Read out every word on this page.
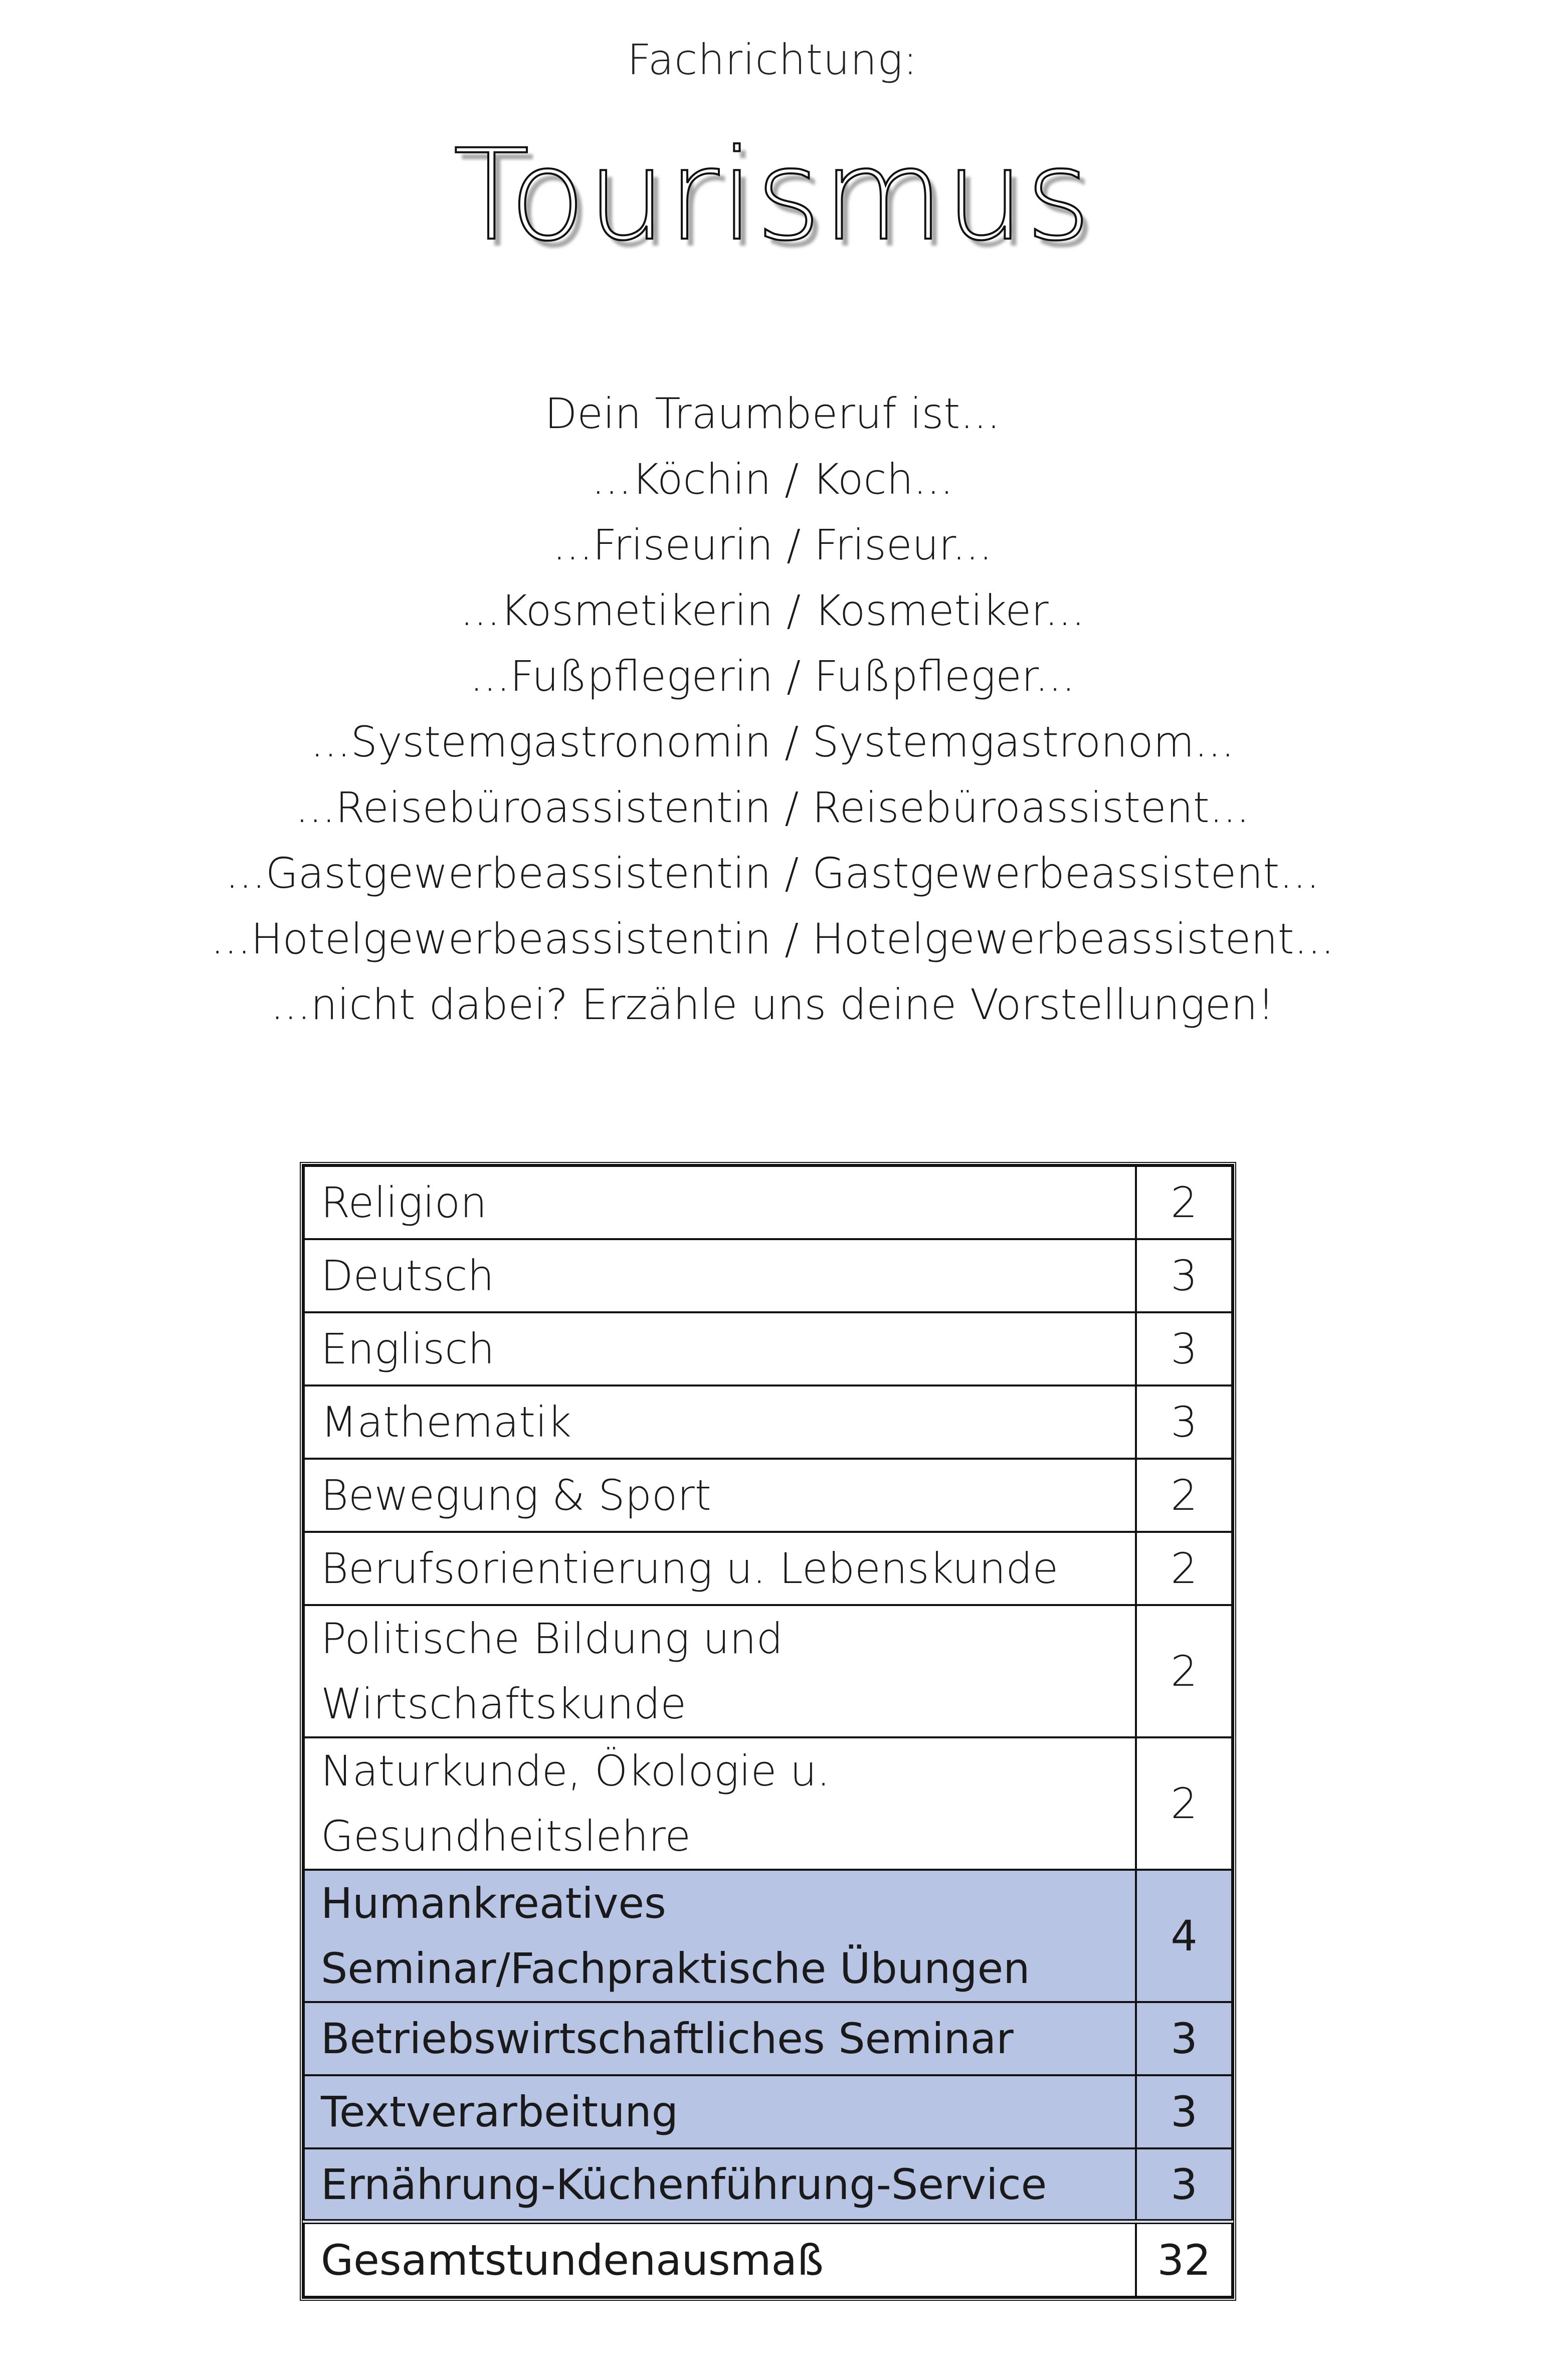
Fachrichtung:
Tourismus
Dein Traumberuf ist...
...Köchin / Koch...
...Friseurin / Friseur...
...Kosmetikerin / Kosmetiker...
...Fußpflegerin / Fußpfleger...
...Systemgastronomin / Systemgastronom...
...Reisebüroassistentin / Reisebüroassistent...
...Gastgewerbeassistentin / Gastgewerbeassistent...
...Hotelgewerbeassistentin / Hotelgewerbeassistent...
...nicht dabei? Erzähle uns deine Vorstellungen!
Religion	2
Deutsch	3
Englisch	3
Mathematik	3
Bewegung & Sport	2
Berufsorientierung u. Lebenskunde	2
Politische Bildung und Wirtschaftskunde	2
Naturkunde, Ökologie u. Gesundheitslehre	2
Humankreatives Seminar/Fachpraktische Übungen	4
Betriebswirtschaftliches Seminar	3
Textverarbeitung	3
Ernährung-Küchenführung-Service	3
Gesamtstundenausmaß	32
